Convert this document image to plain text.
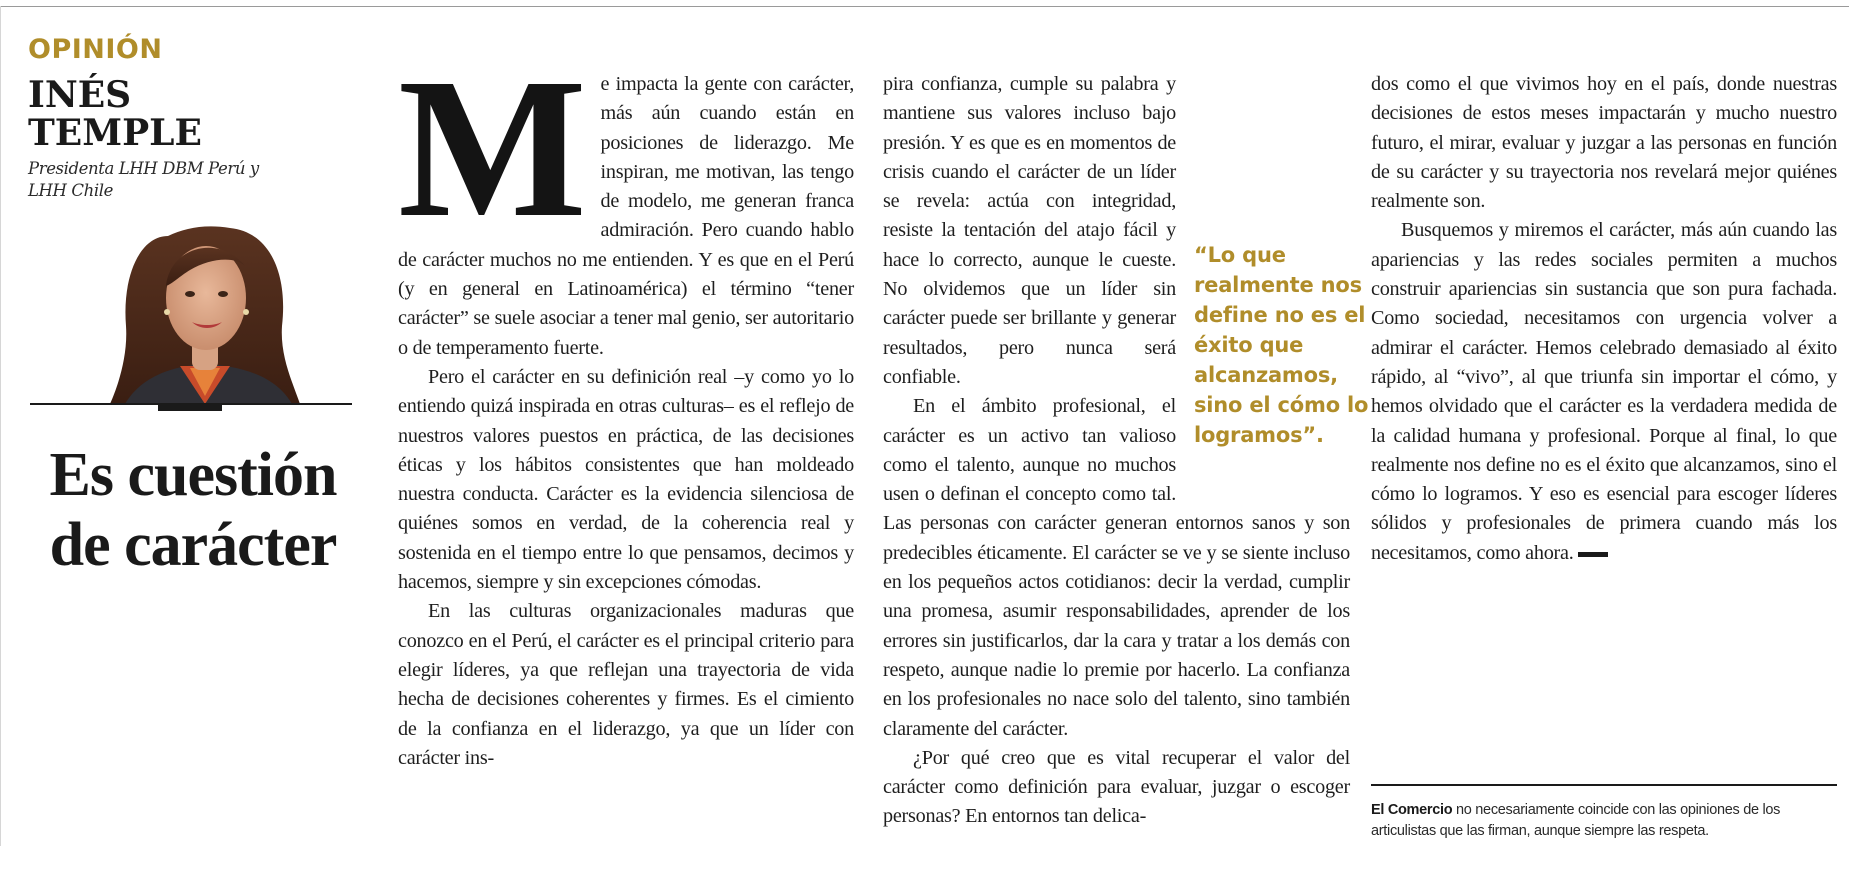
OPINIÓN
INÉS TEMPLE
Presidenta LHH DBM Perú y LHH Chile
Es cuestión de carácter

Me impacta la gente con carácter, más aún cuando están en posiciones de liderazgo. Me inspiran, me motivan, las tengo de modelo, me generan franca admiración. Pero cuando hablo de carácter muchos no me entienden. Y es que en el Perú (y en general en Latinoamérica) el término “tener carácter” se suele asociar a tener mal genio, ser autoritario o de temperamento fuerte.

Pero el carácter en su definición real –y como yo lo entiendo quizá inspirada en otras culturas– es el reflejo de nuestros valores puestos en práctica, de las decisiones éticas y los hábitos consistentes que han moldeado nuestra conducta. Carácter es la evidencia silenciosa de quiénes somos en verdad, de la coherencia real y sostenida en el tiempo entre lo que pensamos, decimos y hacemos, siempre y sin excepciones cómodas.

En las culturas organizacionales maduras que conozco en el Perú, el carácter es el principal criterio para elegir líderes, ya que reflejan una trayectoria de vida hecha de decisiones coherentes y firmes. Es el cimiento de la confianza en el liderazgo, ya que un líder con carácter ins-

“Lo que realmente nos define no es el éxito que alcanzamos, sino el cómo lo logramos”.

pira confianza, cumple su palabra y mantiene sus valores incluso bajo presión. Y es que es en momentos de crisis cuando el carácter de un líder se revela: actúa con integridad, resiste la tentación del atajo fácil y hace lo correcto, aunque le cueste. No olvidemos que un líder sin carácter puede ser brillante y generar resultados, pero nunca será confiable.

En el ámbito profesional, el carácter es un activo tan valioso como el talento, aunque no muchos usen o definan el concepto como tal. Las personas con carácter generan entornos sanos y son predecibles éticamente. El carácter se ve y se siente incluso en los pequeños actos cotidianos: decir la verdad, cumplir una promesa, asumir responsabilidades, aprender de los errores sin justificarlos, dar la cara y tratar a los demás con respeto, aunque nadie lo premie por hacerlo. La confianza en los profesionales no nace solo del talento, sino también claramente del carácter.

¿Por qué creo que es vital recuperar el valor del carácter como definición para evaluar, juzgar o escoger personas? En entornos tan delica-

dos como el que vivimos hoy en el país, donde nuestras decisiones de estos meses impactarán y mucho nuestro futuro, el mirar, evaluar y juzgar a las personas en función de su carácter y su trayectoria nos revelará mejor quiénes realmente son.

Busquemos y miremos el carácter, más aún cuando las apariencias y las redes sociales permiten a muchos construir apariencias sin sustancia que son pura fachada. Como sociedad, necesitamos con urgencia volver a admirar el carácter. Hemos celebrado demasiado al éxito rápido, al “vivo”, al que triunfa sin importar el cómo, y hemos olvidado que el carácter es la verdadera medida de la calidad humana y profesional. Porque al final, lo que realmente nos define no es el éxito que alcanzamos, sino el cómo lo logramos. Y eso es esencial para escoger líderes sólidos y profesionales de primera cuando más los necesitamos, como ahora.

El Comercio no necesariamente coincide con las opiniones de los articulistas que las firman, aunque siempre las respeta.
